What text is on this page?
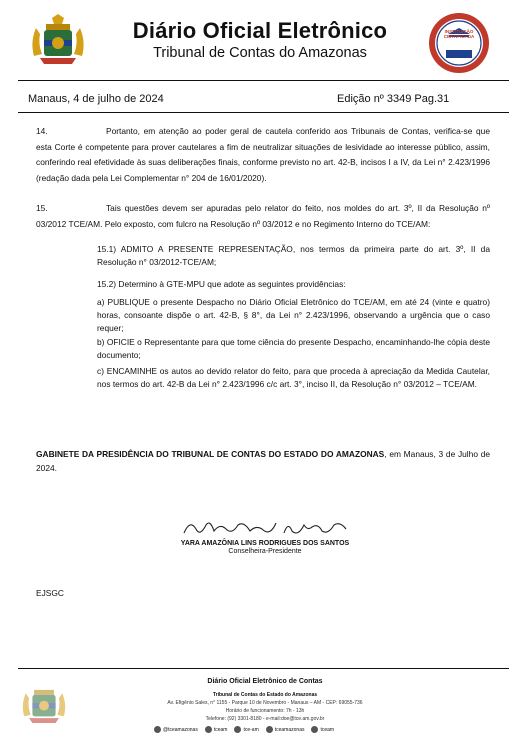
Diário Oficial Eletrônico
Tribunal de Contas do Amazonas
INSTITUIÇÃO CERTIFICADA
Manaus, 4 de julho de 2024	Edição nº 3349 Pag.31
14.	Portanto, em atenção ao poder geral de cautela conferido aos Tribunais de Contas, verifica-se que esta Corte é competente para prover cautelares a fim de neutralizar situações de lesividade ao interesse público, assim, conferindo real efetividade às suas deliberações finais, conforme previsto no art. 42-B, incisos I a IV, da Lei n° 2.423/1996 (redação dada pela Lei Complementar n° 204 de 16/01/2020).
15.	Tais questões devem ser apuradas pelo relator do feito, nos moldes do art. 3º, II da Resolução nº 03/2012 TCE/AM. Pelo exposto, com fulcro na Resolução nº 03/2012 e no Regimento Interno do TCE/AM:
15.1) ADMITO A PRESENTE REPRESENTAÇÃO, nos termos da primeira parte do art. 3º, II da Resolução n° 03/2012-TCE/AM;
15.2) Determino à GTE-MPU que adote as seguintes providências:
a) PUBLIQUE o presente Despacho no Diário Oficial Eletrônico do TCE/AM, em até 24 (vinte e quatro) horas, consoante dispõe o art. 42-B, § 8°, da Lei n° 2.423/1996, observando a urgência que o caso requer;
b) OFICIE o Representante para que tome ciência do presente Despacho, encaminhando-lhe cópia deste documento;
c) ENCAMINHE os autos ao devido relator do feito, para que proceda à apreciação da Medida Cautelar, nos termos do art. 42-B da Lei n° 2.423/1996 c/c art. 3°, inciso II, da Resolução n° 03/2012 – TCE/AM.
GABINETE DA PRESIDÊNCIA DO TRIBUNAL DE CONTAS DO ESTADO DO AMAZONAS, em Manaus, 3 de Julho de 2024.
YARA AMAZÔNIA LINS RODRIGUES DOS SANTOS
Conselheira-Presidente
EJSGC
Diário Oficial Eletrônico de Contas
Tribunal de Contas do Estado do Amazonas
Av. Efigênio Sales, n° 1155 - Parque 10 de Novembro - Manaus – AM - CEP: 69055-736
Horário de funcionamento: 7h - 13h
Telefone: (92) 3301-8180 - e-mail:doe@tce.am.gov.br
@tceamazonas	tceam	tce-am	tceamazonas	tceam
